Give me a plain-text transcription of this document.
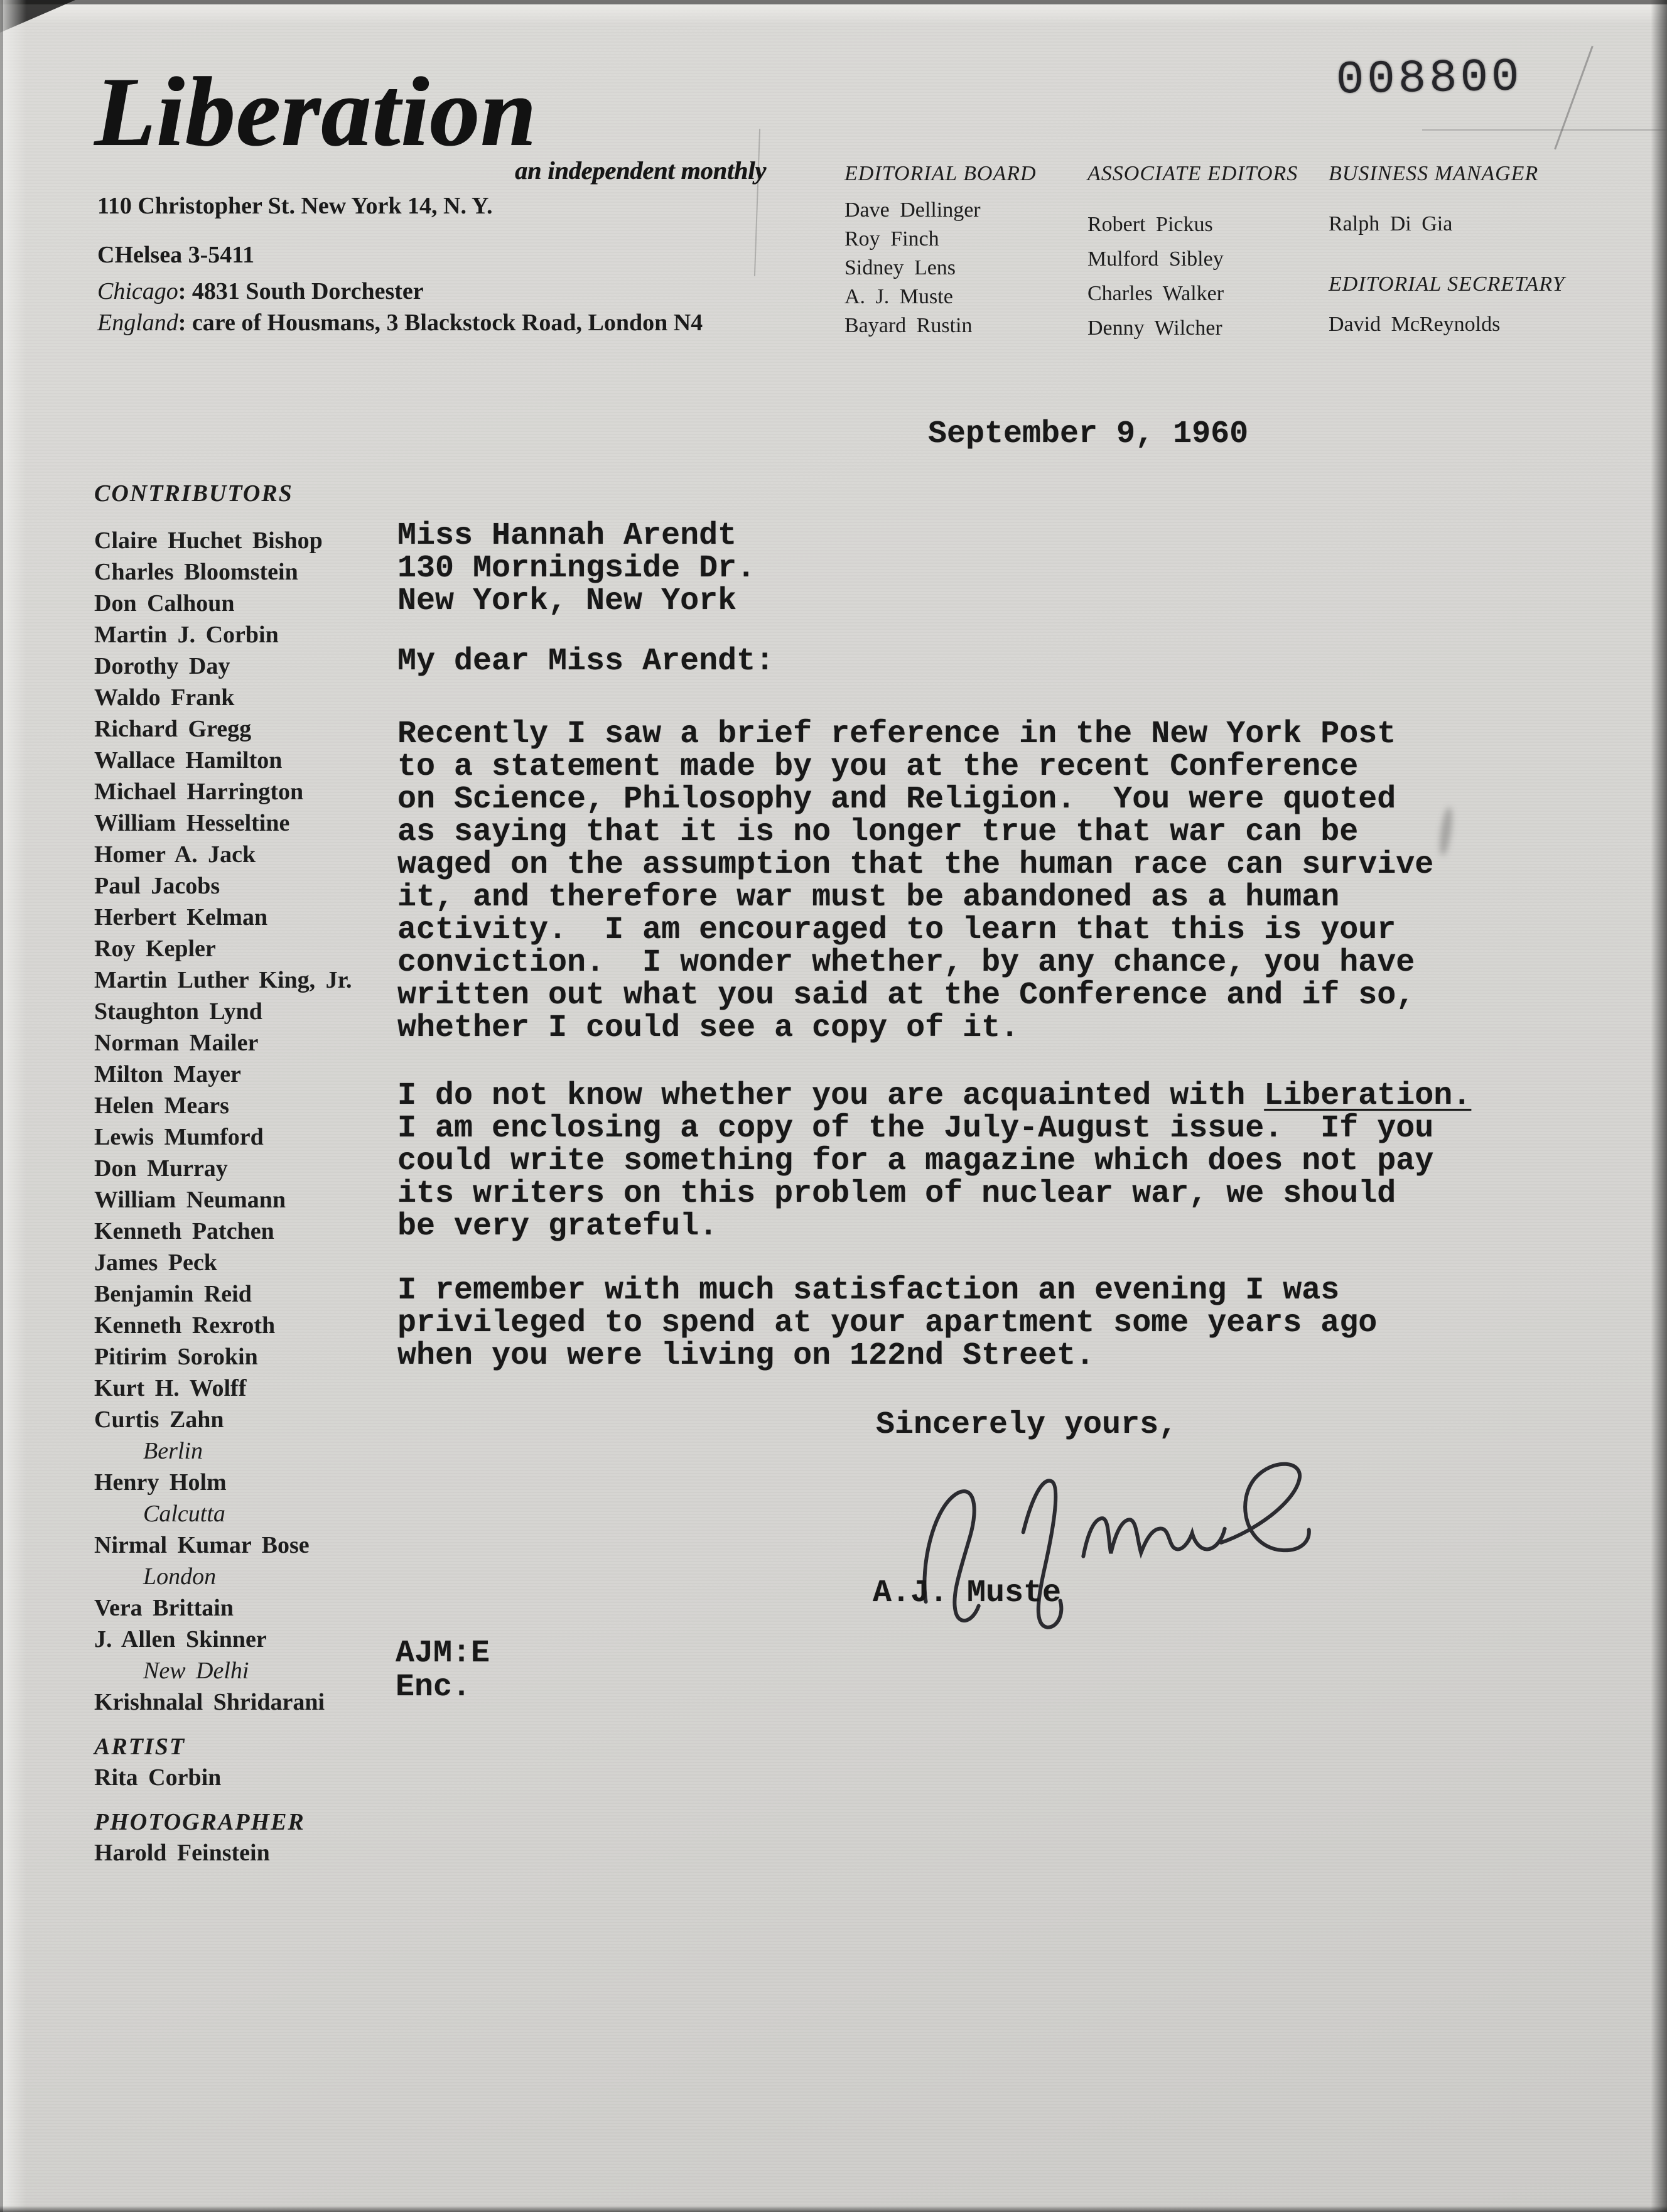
008800
Liberation
an independent monthly
110 Christopher St. New York 14, N. Y.
CHelsea 3-5411
Chicago: 4831 South Dorchester
England: care of Housmans, 3 Blackstock Road, London N4
EDITORIAL BOARD
Dave Dellinger
Roy Finch
Sidney Lens
A. J. Muste
Bayard Rustin
ASSOCIATE EDITORS
Robert Pickus
Mulford Sibley
Charles Walker
Denny Wilcher
BUSINESS MANAGER
Ralph Di Gia
EDITORIAL SECRETARY
David McReynolds
CONTRIBUTORS
Claire Huchet Bishop
Charles Bloomstein
Don Calhoun
Martin J. Corbin
Dorothy Day
Waldo Frank
Richard Gregg
Wallace Hamilton
Michael Harrington
William Hesseltine
Homer A. Jack
Paul Jacobs
Herbert Kelman
Roy Kepler
Martin Luther King, Jr.
Staughton Lynd
Norman Mailer
Milton Mayer
Helen Mears
Lewis Mumford
Don Murray
William Neumann
Kenneth Patchen
James Peck
Benjamin Reid
Kenneth Rexroth
Pitirim Sorokin
Kurt H. Wolff
Curtis Zahn
Berlin
Henry Holm
Calcutta
Nirmal Kumar Bose
London
Vera Brittain
J. Allen Skinner
New Delhi
Krishnalal Shridarani
ARTIST
Rita Corbin
PHOTOGRAPHER
Harold Feinstein
September 9, 1960
Miss Hannah Arendt
130 Morningside Dr.
New York, New York
My dear Miss Arendt:
Recently I saw a brief reference in the New York Post
to a statement made by you at the recent Conference
on Science, Philosophy and Religion.  You were quoted
as saying that it is no longer true that war can be
waged on the assumption that the human race can survive
it, and therefore war must be abandoned as a human
activity.  I am encouraged to learn that this is your
conviction.  I wonder whether, by any chance, you have
written out what you said at the Conference and if so,
whether I could see a copy of it.
I do not know whether you are acquainted with Liberation.
I am enclosing a copy of the July-August issue.  If you
could write something for a magazine which does not pay
its writers on this problem of nuclear war, we should
be very grateful.
I remember with much satisfaction an evening I was
privileged to spend at your apartment some years ago
when you were living on 122nd Street.
Sincerely yours,
A.J. Muste
AJM:E
Enc.
